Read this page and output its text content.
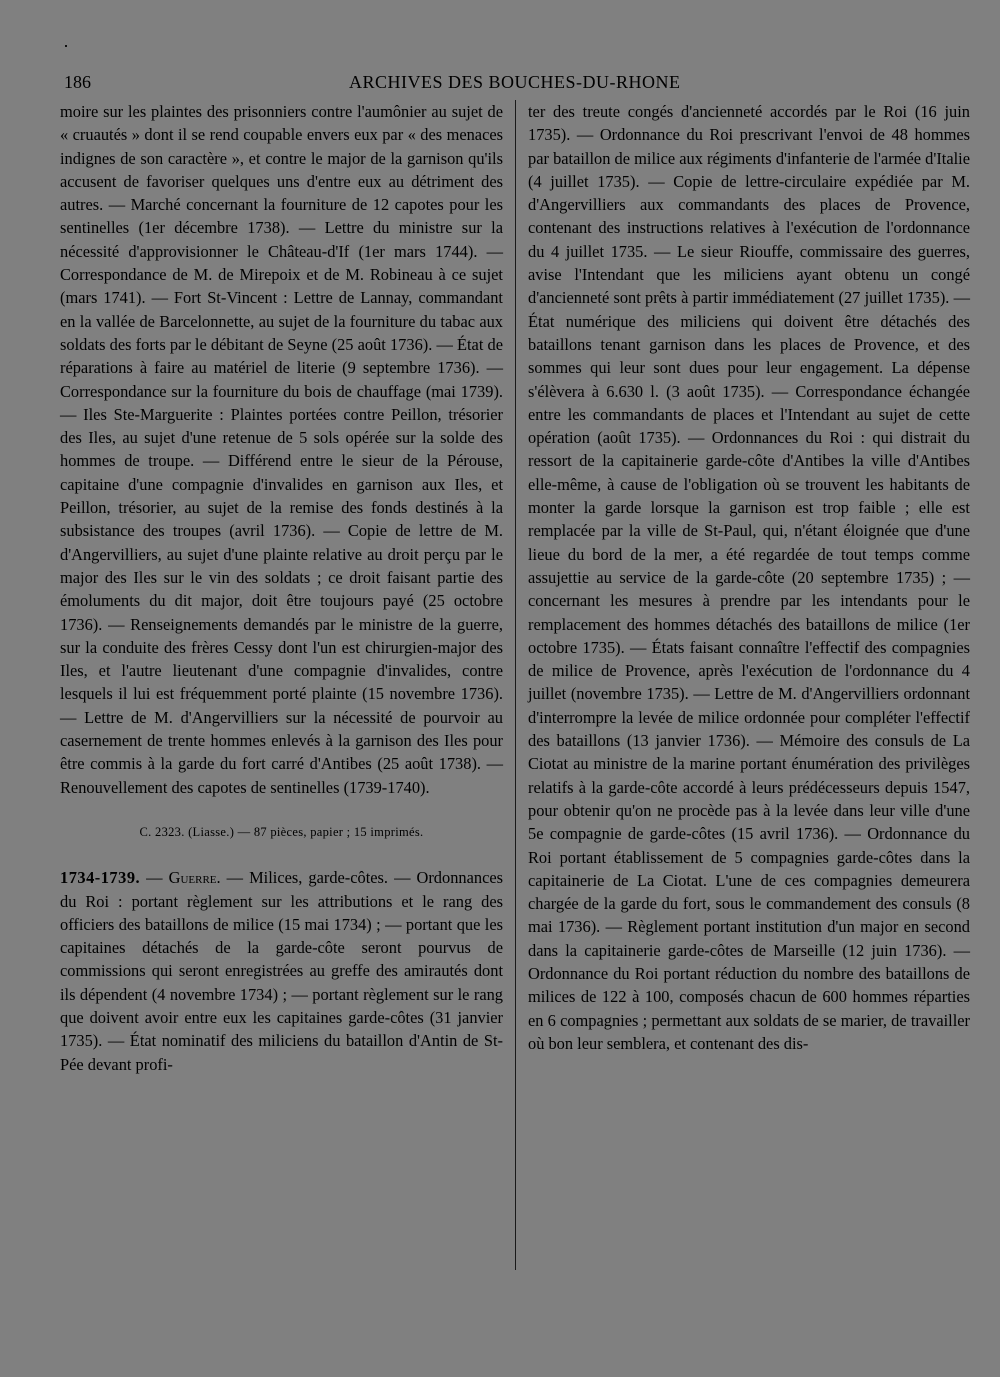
186	ARCHIVES DES BOUCHES-DU-RHONE

moire sur les plaintes des prisonniers contre l'aumônier au sujet de « cruautés » dont il se rend coupable envers eux par « des menaces indignes de son caractère », et contre le major de la garnison qu'ils accusent de favoriser quelques uns d'entre eux au détriment des autres. — Marché concernant la fourniture de 12 capotes pour les sentinelles (1er décembre 1738). — Lettre du ministre sur la nécessité d'approvisionner le Château-d'If (1er mars 1744). — Correspondance de M. de Mirepoix et de M. Robineau à ce sujet (mars 1741). — Fort St-Vincent : Lettre de Lannay, commandant en la vallée de Barcelonnette, au sujet de la fourniture du tabac aux soldats des forts par le débitant de Seyne (25 août 1736). — État de réparations à faire au matériel de literie (9 septembre 1736). — Correspondance sur la fourniture du bois de chauffage (mai 1739). — Iles Ste-Marguerite : Plaintes portées contre Peillon, trésorier des Iles, au sujet d'une retenue de 5 sols opérée sur la solde des hommes de troupe. — Différend entre le sieur de la Pérouse, capitaine d'une compagnie d'invalides en garnison aux Iles, et Peillon, trésorier, au sujet de la remise des fonds destinés à la subsistance des troupes (avril 1736). — Copie de lettre de M. d'Angervilliers, au sujet d'une plainte relative au droit perçu par le major des Iles sur le vin des soldats ; ce droit faisant partie des émoluments du dit major, doit être toujours payé (25 octobre 1736). — Renseignements demandés par le ministre de la guerre, sur la conduite des frères Cessy dont l'un est chirurgien-major des Iles, et l'autre lieutenant d'une compagnie d'invalides, contre lesquels il lui est fréquemment porté plainte (15 novembre 1736). — Lettre de M. d'Angervilliers sur la nécessité de pourvoir au casernement de trente hommes enlevés à la garnison des Iles pour être commis à la garde du fort carré d'Antibes (25 août 1738). — Renouvellement des capotes de sentinelles (1739-1740).

C. 2323. (Liasse.) — 87 pièces, papier ; 15 imprimés.

1734-1739. — Guerre. — Milices, garde-côtes. — Ordonnances du Roi : portant règlement sur les attributions et le rang des officiers des bataillons de milice (15 mai 1734) ; — portant que les capitaines détachés de la garde-côte seront pourvus de commissions qui seront enregistrées au greffe des amirautés dont ils dépendent (4 novembre 1734) ; — portant règlement sur le rang que doivent avoir entre eux les capitaines garde-côtes (31 janvier 1735). — État nominatif des miliciens du bataillon d'Antin de St-Pée devant profi-

ter des treute congés d'ancienneté accordés par le Roi (16 juin 1735). — Ordonnance du Roi prescrivant l'envoi de 48 hommes par bataillon de milice aux régiments d'infanterie de l'armée d'Italie (4 juillet 1735). — Copie de lettre-circulaire expédiée par M. d'Angervilliers aux commandants des places de Provence, contenant des instructions relatives à l'exécution de l'ordonnance du 4 juillet 1735. — Le sieur Riouffe, commissaire des guerres, avise l'Intendant que les miliciens ayant obtenu un congé d'ancienneté sont prêts à partir immédiatement (27 juillet 1735). — État numérique des miliciens qui doivent être détachés des bataillons tenant garnison dans les places de Provence, et des sommes qui leur sont dues pour leur engagement. La dépense s'élèvera à 6.630 l. (3 août 1735). — Correspondance échangée entre les commandants de places et l'Intendant au sujet de cette opération (août 1735). — Ordonnances du Roi : qui distrait du ressort de la capitainerie garde-côte d'Antibes la ville d'Antibes elle-même, à cause de l'obligation où se trouvent les habitants de monter la garde lorsque la garnison est trop faible ; elle est remplacée par la ville de St-Paul, qui, n'étant éloignée que d'une lieue du bord de la mer, a été regardée de tout temps comme assujettie au service de la garde-côte (20 septembre 1735) ; — concernant les mesures à prendre par les intendants pour le remplacement des hommes détachés des bataillons de milice (1er octobre 1735). — États faisant connaître l'effectif des compagnies de milice de Provence, après l'exécution de l'ordonnance du 4 juillet (novembre 1735). — Lettre de M. d'Angervilliers ordonnant d'interrompre la levée de milice ordonnée pour compléter l'effectif des bataillons (13 janvier 1736). — Mémoire des consuls de La Ciotat au ministre de la marine portant énumération des privilèges relatifs à la garde-côte accordé à leurs prédécesseurs depuis 1547, pour obtenir qu'on ne procède pas à la levée dans leur ville d'une 5e compagnie de garde-côtes (15 avril 1736). — Ordonnance du Roi portant établissement de 5 compagnies garde-côtes dans la capitainerie de La Ciotat. L'une de ces compagnies demeurera chargée de la garde du fort, sous le commandement des consuls (8 mai 1736). — Règlement portant institution d'un major en second dans la capitainerie garde-côtes de Marseille (12 juin 1736). — Ordonnance du Roi portant réduction du nombre des bataillons de milices de 122 à 100, composés chacun de 600 hommes réparties en 6 compagnies ; permettant aux soldats de se marier, de travailler où bon leur semblera, et contenant des dis-
